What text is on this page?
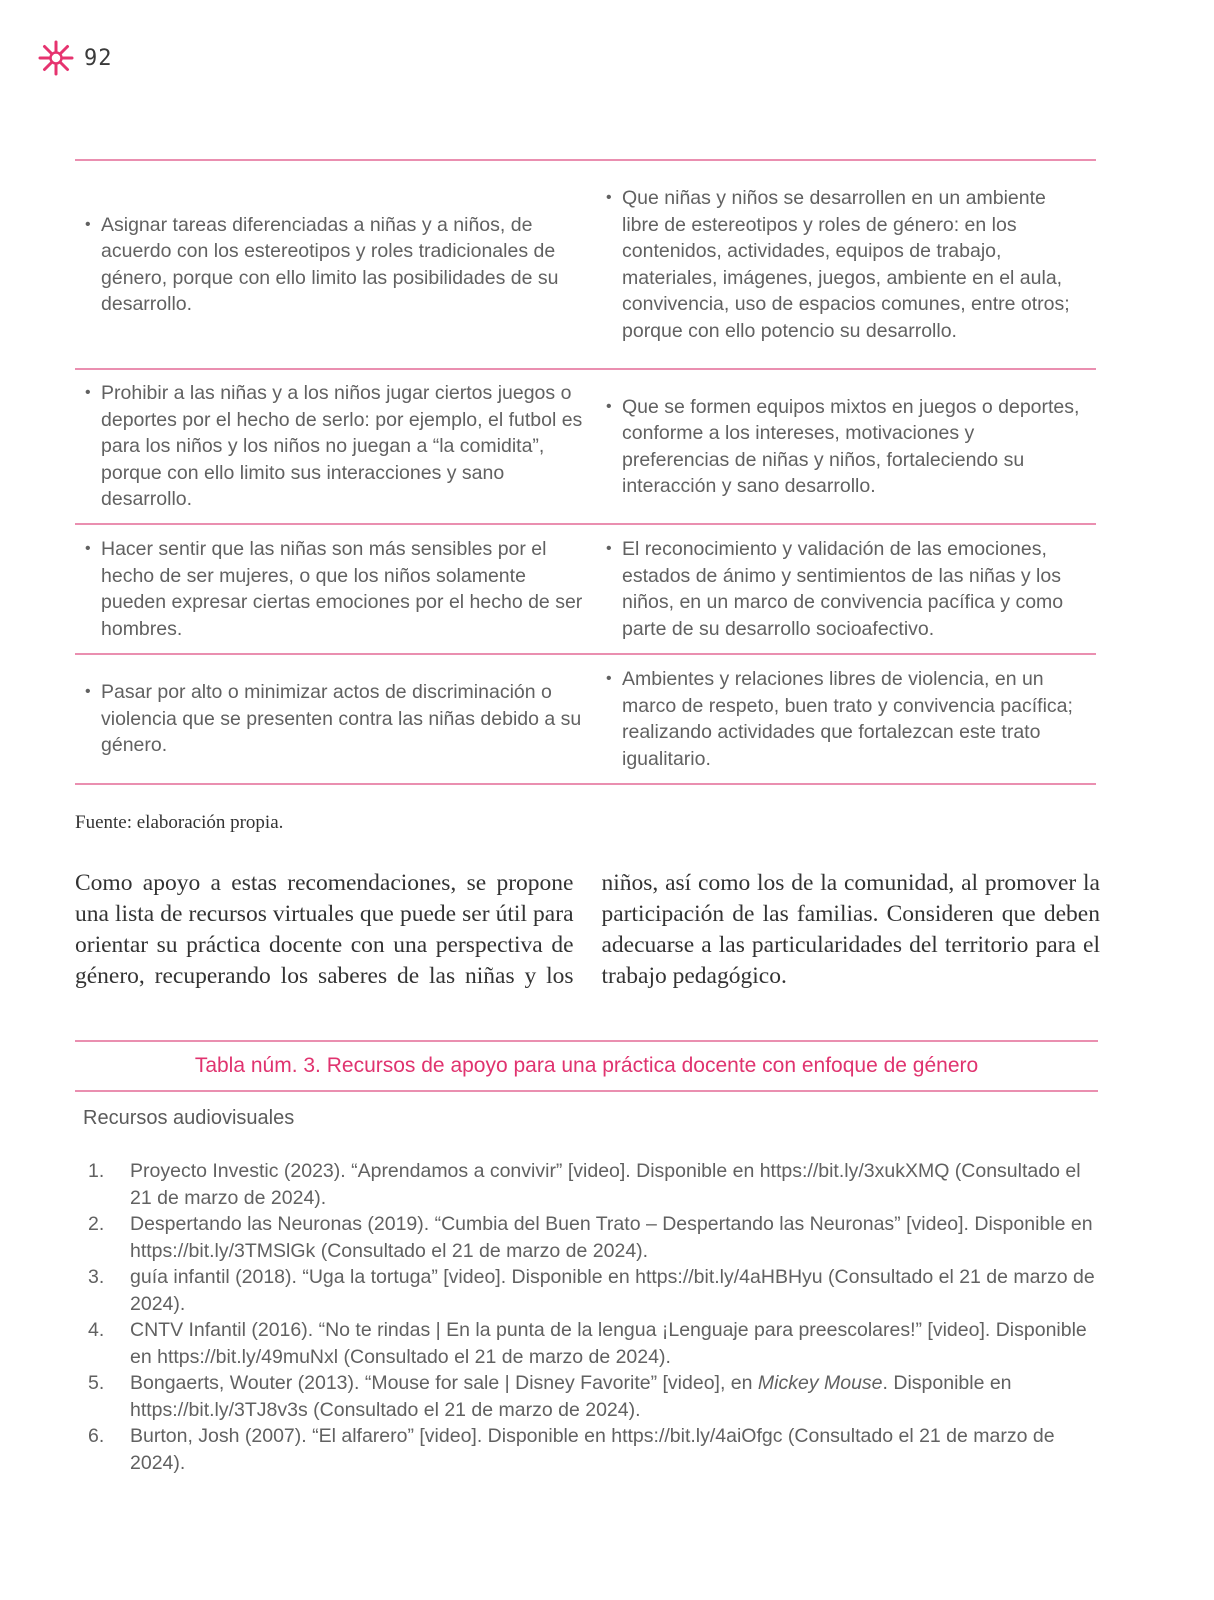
92
• Asignar tareas diferenciadas a niñas y a niños, de acuerdo con los estereotipos y roles tradicionales de género, porque con ello limito las posibilidades de su desarrollo.	• Que niñas y niños se desarrollen en un ambiente libre de estereotipos y roles de género: en los contenidos, actividades, equipos de trabajo, materiales, imágenes, juegos, ambiente en el aula, convivencia, uso de espacios comunes, entre otros; porque con ello potencio su desarrollo.

• Prohibir a las niñas y a los niños jugar ciertos juegos o deportes por el hecho de serlo: por ejemplo, el futbol es para los niños y los niños no juegan a “la comidita”, porque con ello limito sus interacciones y sano desarrollo.	• Que se formen equipos mixtos en juegos o deportes, conforme a los intereses, motivaciones y preferencias de niñas y niños, fortaleciendo su interacción y sano desarrollo.

• Hacer sentir que las niñas son más sensibles por el hecho de ser mujeres, o que los niños solamente pueden expresar ciertas emociones por el hecho de ser hombres.	• El reconocimiento y validación de las emociones, estados de ánimo y sentimientos de las niñas y los niños, en un marco de convivencia pacífica y como parte de su desarrollo socioafectivo.

• Pasar por alto o minimizar actos de discriminación o violencia que se presenten contra las niñas debido a su género.	• Ambientes y relaciones libres de violencia, en un marco de respeto, buen trato y convivencia pacífica; realizando actividades que fortalezcan este trato igualitario.
Fuente: elaboración propia.
Como apoyo a estas recomendaciones, se propone una lista de recursos virtuales que puede ser útil para orientar su práctica docente con una perspectiva de género, recuperando los saberes de las niñas y los niños, así como los de la comunidad, al promover la participación de las familias. Consideren que deben adecuarse a las particularidades del territorio para el trabajo pedagógico.
Tabla núm. 3. Recursos de apoyo para una práctica docente con enfoque de género
Recursos audiovisuales
1.	Proyecto Investic (2023). “Aprendamos a convivir” [video]. Disponible en https://bit.ly/3xukXMQ (Consultado el 21 de marzo de 2024).
2.	Despertando las Neuronas (2019). “Cumbia del Buen Trato – Despertando las Neuronas” [video]. Disponible en https://bit.ly/3TMSlGk (Consultado el 21 de marzo de 2024).
3.	guía infantil (2018). “Uga la tortuga” [video]. Disponible en https://bit.ly/4aHBHyu (Consultado el 21 de marzo de 2024).
4.	CNTV Infantil (2016). “No te rindas | En la punta de la lengua ¡Lenguaje para preescolares!” [video]. Disponible en https://bit.ly/49muNxl (Consultado el 21 de marzo de 2024).
5.	Bongaerts, Wouter (2013). “Mouse for sale | Disney Favorite” [video], en Mickey Mouse. Disponible en https://bit.ly/3TJ8v3s (Consultado el 21 de marzo de 2024).
6.	Burton, Josh (2007). “El alfarero” [video]. Disponible en https://bit.ly/4aiOfgc (Consultado el 21 de marzo de 2024).
